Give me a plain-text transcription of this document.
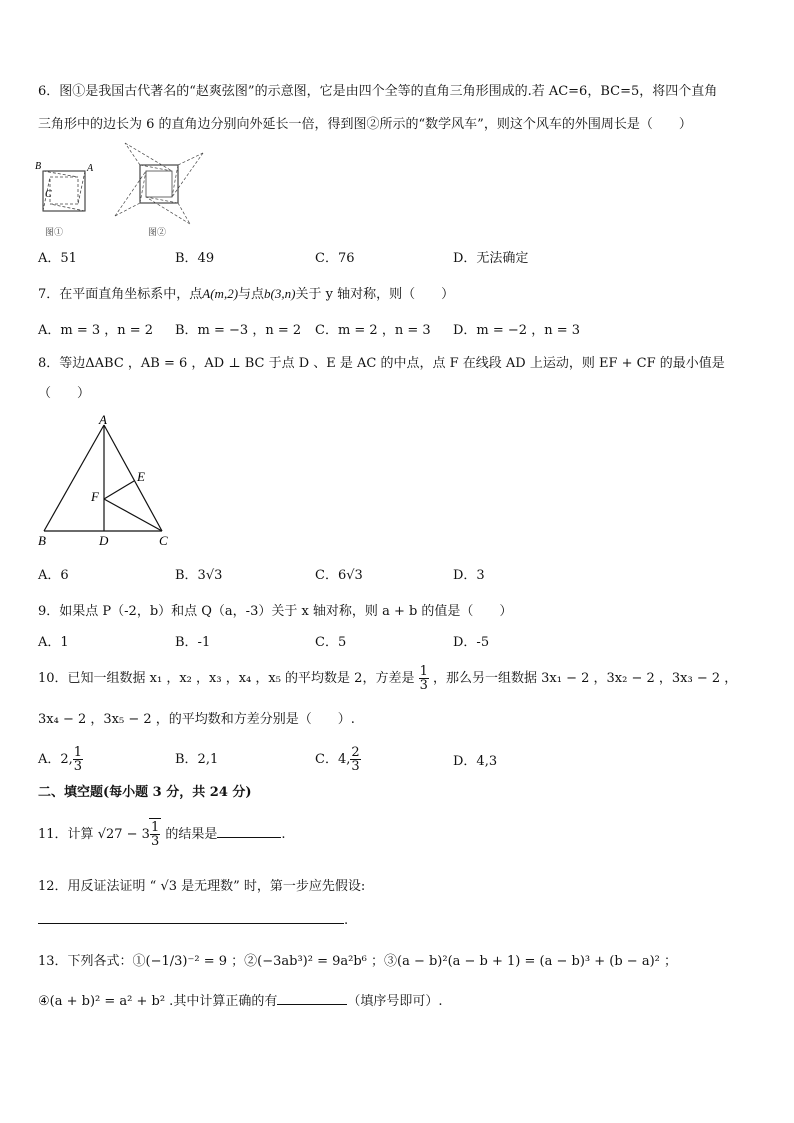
6．图①是我国古代著名的“赵爽弦图”的示意图，它是由四个全等的直角三角形围成的.若 AC=6，BC=5，将四个直角
三角形中的边长为 6 的直角边分别向外延长一倍，得到图②所示的“数学风车”，则这个风车的外围周长是（　　）
B	A
C
图①	图②
A．51	B．49	C．76	D．无法确定
7．在平面直角坐标系中，点A(m,2)与点b(3,n)关于 y 轴对称，则（　　）
A．m = 3 ，n = 2 B．m = −3 ，n = 2 C．m = 2 ，n = 3 D．m = −2 ，n = 3
8．等边ΔABC ，AB = 6 ，AD ⊥ BC 于点 D 、E 是 AC 的中点，点 F 在线段 AD 上运动，则 EF + CF 的最小值是
（　　）
A
E
F
B	D	C
A．6	B．3√3	C．6√3	D．3
9．如果点 P（-2，b）和点 Q（a，-3）关于 x 轴对称，则 a + b 的值是（　　）
A．1	B．-1	C．5	D．-5
10．已知一组数据 x₁ ，x₂ ，x₃ ，x₄ ，x₅ 的平均数是 2，方差是 $\frac{1}{3}$ ，那么另一组数据 3x₁ − 2 ，3x₂ − 2 ，3x₃ − 2 ，
3x₄ − 2 ，3x₅ − 2 ，的平均数和方差分别是（　　）.
A．2, $\frac{1}{3}$	B．2,1	C．4, $\frac{2}{3}$	D．4,3
二、填空题(每小题 3 分，共 24 分)
11．计算 $√27 - 3 \frac{1}{3}$ 的结果是	.
12．用反证法证明 “ √3 是无理数” 时，第一步应先假设:
.
13．下列各式：①(−1/3)⁻² = 9 ；②(−3ab³)² = 9a²b⁶ ；③(a − b)²(a − b + 1) = (a − b)³ + (b − a)² ；
④(a + b)² = a² + b² .其中计算正确的有	（填序号即可）.
